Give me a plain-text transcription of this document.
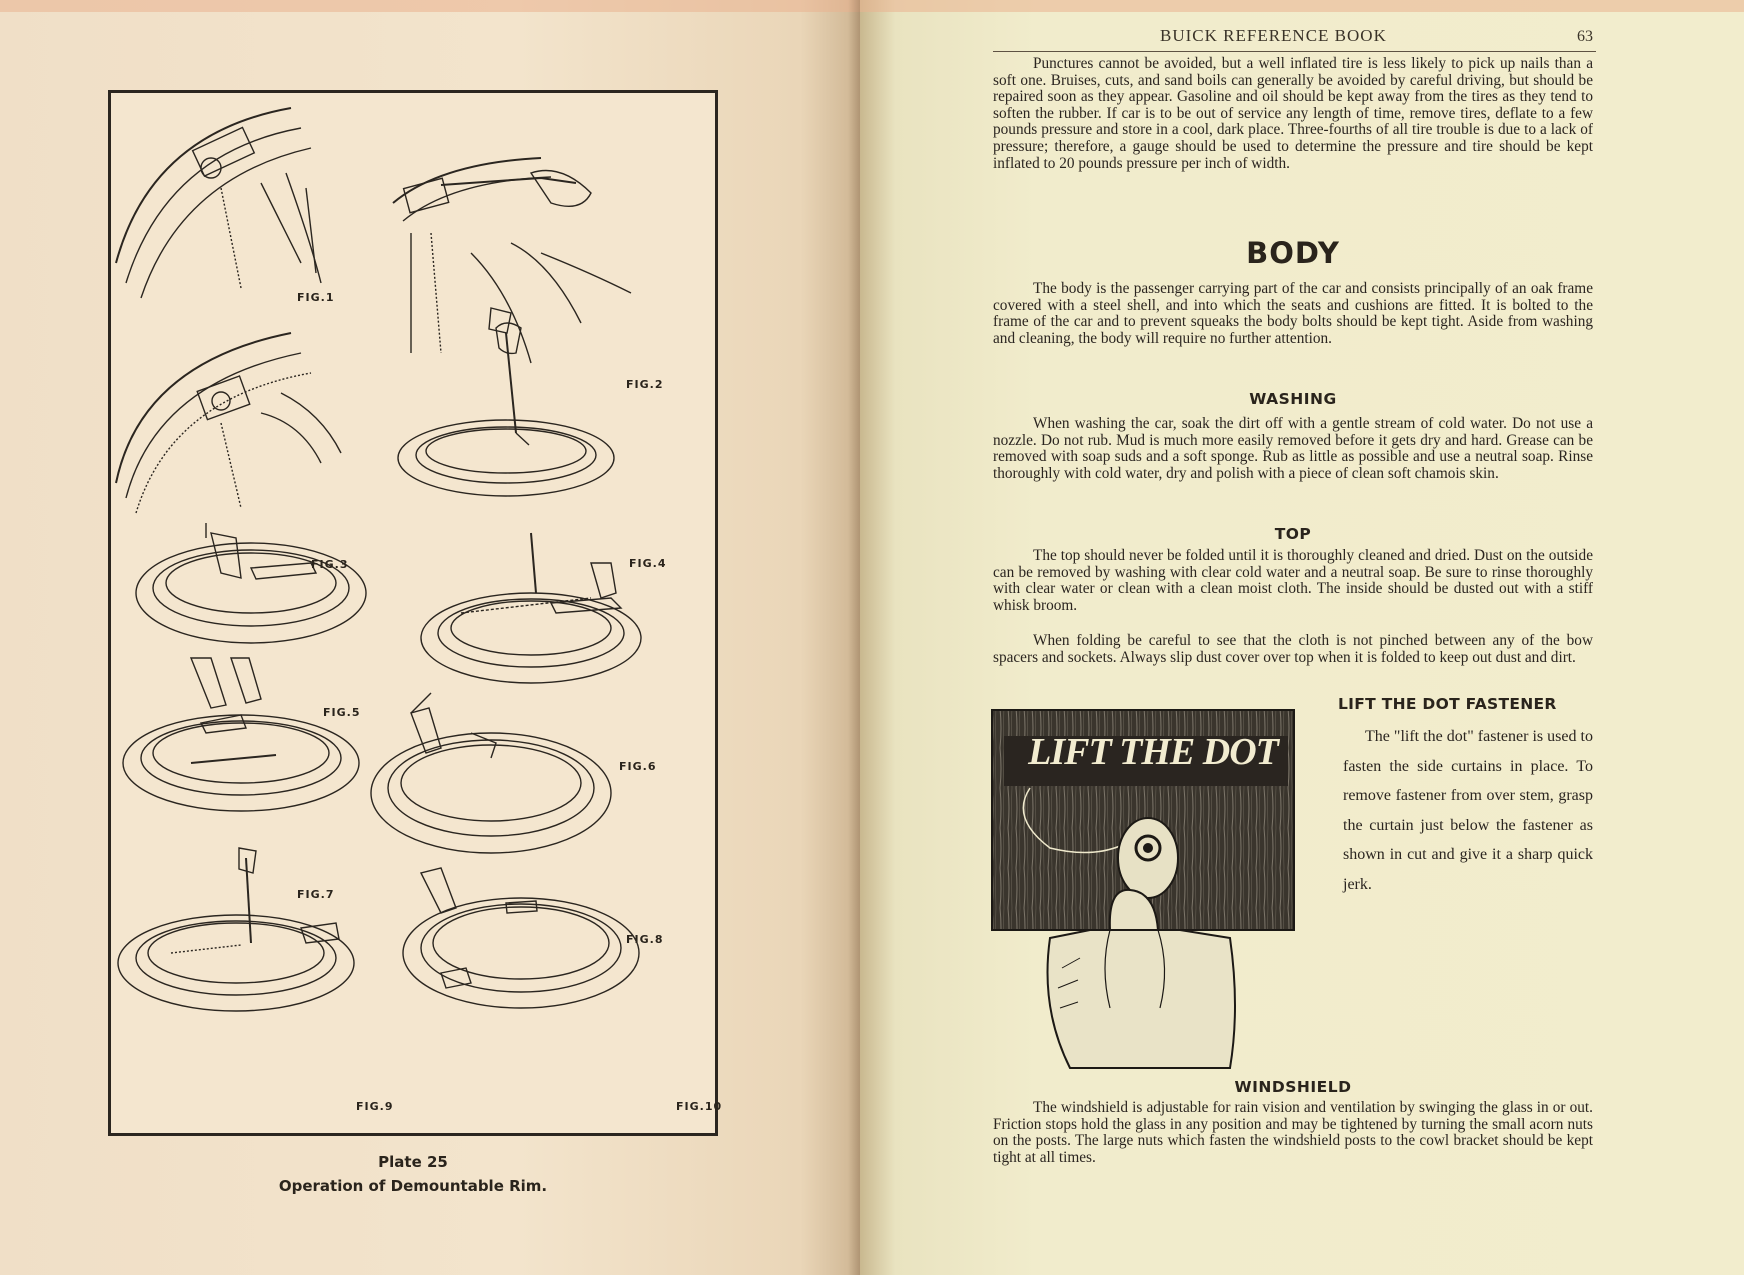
FIG.1
FIG.2
FIG.3	FIG.4
FIG.5
FIG.6
FIG.7
FIG.8
FIG.9	FIG.10
Plate 25
Operation of Demountable Rim.
BUICK REFERENCE BOOK	63

Punctures cannot be avoided, but a well inflated tire is less likely to pick up nails than a soft one. Bruises, cuts, and sand boils can generally be avoided by careful driving, but should be repaired soon as they appear. Gasoline and oil should be kept away from the tires as they tend to soften the rubber. If car is to be out of service any length of time, remove tires, deflate to a few pounds pressure and store in a cool, dark place. Three-fourths of all tire trouble is due to a lack of pressure; therefore, a gauge should be used to determine the pressure and tire should be kept inflated to 20 pounds pressure per inch of width.

BODY

The body is the passenger carrying part of the car and consists principally of an oak frame covered with a steel shell, and into which the seats and cushions are fitted. It is bolted to the frame of the car and to prevent squeaks the body bolts should be kept tight. Aside from washing and cleaning, the body will require no further attention.

WASHING

When washing the car, soak the dirt off with a gentle stream of cold water. Do not use a nozzle. Do not rub. Mud is much more easily removed before it gets dry and hard. Grease can be removed with soap suds and a soft sponge. Rub as little as possible and use a neutral soap. Rinse thoroughly with cold water, dry and polish with a piece of clean soft chamois skin.

TOP

The top should never be folded until it is thoroughly cleaned and dried. Dust on the outside can be removed by washing with clear cold water and a neutral soap. Be sure to rinse thoroughly with clear water or clean with a clean moist cloth. The inside should be dusted out with a stiff whisk broom.

When folding be careful to see that the cloth is not pinched between any of the bow spacers and sockets. Always slip dust cover over top when it is folded to keep out dust and dirt.

LIFT THE DOT
LIFT THE DOT FASTENER

The "lift the dot" fastener is used to fasten the side curtains in place. To remove fastener from over stem, grasp the curtain just below the fastener as shown in cut and give it a sharp quick jerk.

WINDSHIELD

The windshield is adjustable for rain vision and ventilation by swinging the glass in or out. Friction stops hold the glass in any position and may be tightened by turning the small acorn nuts on the posts. The large nuts which fasten the windshield posts to the cowl bracket should be kept tight at all times.
